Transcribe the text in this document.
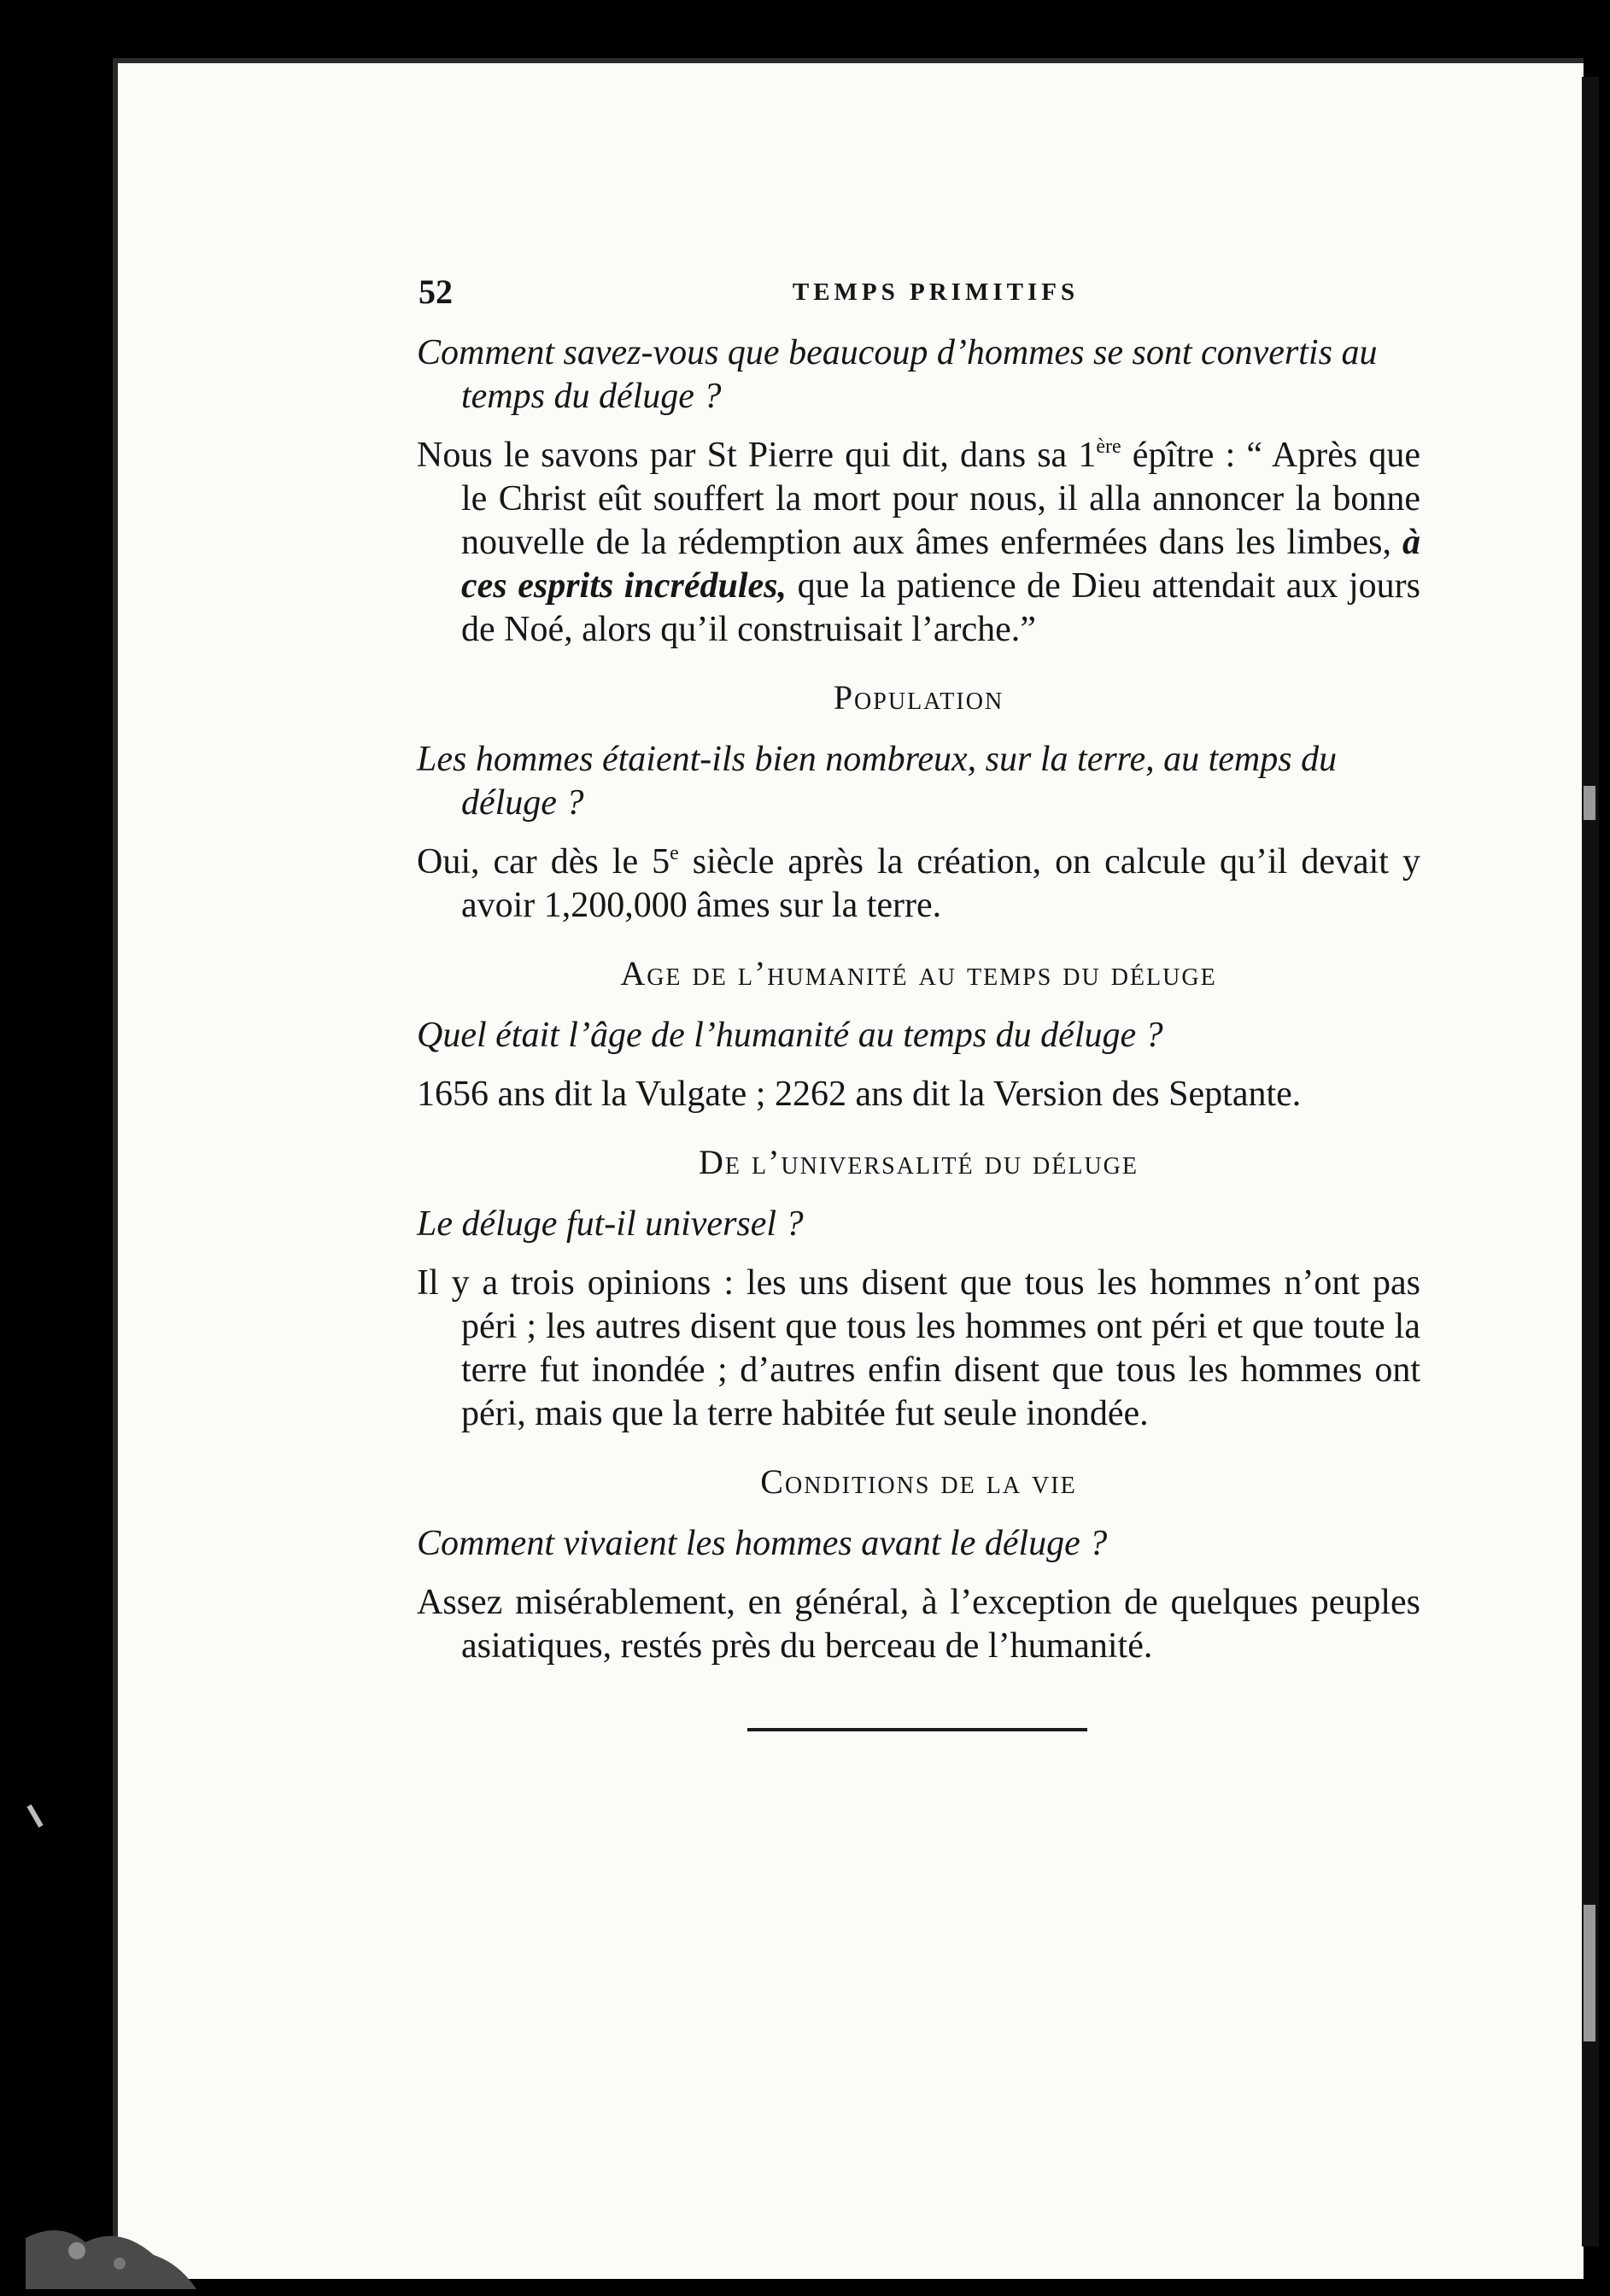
52	TEMPS PRIMITIFS

Comment savez-vous que beaucoup d’hommes se sont convertis au temps du déluge ?

Nous le savons par St Pierre qui dit, dans sa 1ère épître : “ Après que le Christ eût souffert la mort pour nous, il alla annoncer la bonne nouvelle de la rédemption aux âmes enfermées dans les limbes, à ces esprits incrédules, que la patience de Dieu attendait aux jours de Noé, alors qu’il construisait l’arche.”

Population

Les hommes étaient-ils bien nombreux, sur la terre, au temps du déluge ?

Oui, car dès le 5e siècle après la création, on calcule qu’il devait y avoir 1,200,000 âmes sur la terre.

Age de l’humanité au temps du déluge

Quel était l’âge de l’humanité au temps du déluge ?

1656 ans dit la Vulgate ; 2262 ans dit la Version des Septante.

De l’universalité du déluge

Le déluge fut-il universel ?

Il y a trois opinions : les uns disent que tous les hommes n’ont pas péri ; les autres disent que tous les hommes ont péri et que toute la terre fut inondée ; d’autres enfin disent que tous les hommes ont péri, mais que la terre habitée fut seule inondée.

Conditions de la vie

Comment vivaient les hommes avant le déluge ?

Assez misérablement, en général, à l’exception de quelques peuples asiatiques, restés près du berceau de l’humanité.
